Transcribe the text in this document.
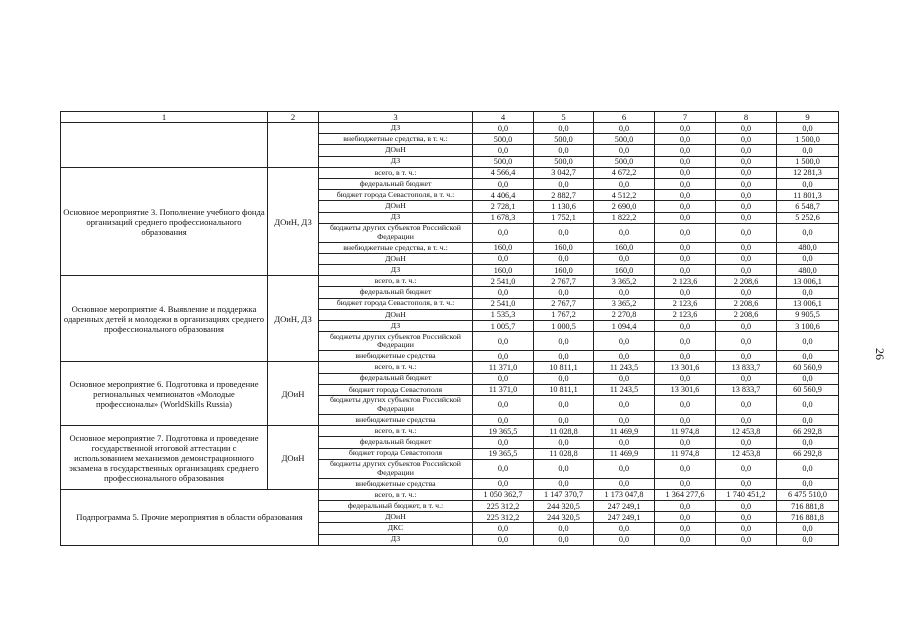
1	2	3	4	5	6	7	8	9
		ДЗ	0,0	0,0	0,0	0,0	0,0	0,0
		внебюджетные средства, в т. ч.:	500,0	500,0	500,0	0,0	0,0	1 500,0
		ДОиН	0,0	0,0	0,0	0,0	0,0	0,0
		ДЗ	500,0	500,0	500,0	0,0	0,0	1 500,0
Основное мероприятие 3. Пополнение учебного фонда организаций среднего профессионального образования	ДОиН, ДЗ	всего, в т. ч.:	4 566,4	3 042,7	4 672,2	0,0	0,0	12 281,3
		федеральный бюджет	0,0	0,0	0,0	0,0	0,0	0,0
		бюджет города Севастополя, в т. ч.:	4 406,4	2 882,7	4 512,2	0,0	0,0	11 801,3
		ДОиН	2 728,1	1 130,6	2 690,0	0,0	0,0	6 548,7
		ДЗ	1 678,3	1 752,1	1 822,2	0,0	0,0	5 252,6
		бюджеты других субъектов Российской Федерации	0,0	0,0	0,0	0,0	0,0	0,0
		внебюджетные средства, в т. ч.:	160,0	160,0	160,0	0,0	0,0	480,0
		ДОиН	0,0	0,0	0,0	0,0	0,0	0,0
		ДЗ	160,0	160,0	160,0	0,0	0,0	480,0
Основное мероприятие 4. Выявление и поддержка одаренных детей и молодежи в организациях среднего профессионального образования	ДОиН, ДЗ	всего, в т. ч.:	2 541,0	2 767,7	3 365,2	2 123,6	2 208,6	13 006,1
		федеральный бюджет	0,0	0,0	0,0	0,0	0,0	0,0
		бюджет города Севастополя, в т. ч.:	2 541,0	2 767,7	3 365,2	2 123,6	2 208,6	13 006,1
		ДОиН	1 535,3	1 767,2	2 270,8	2 123,6	2 208,6	9 905,5
		ДЗ	1 005,7	1 000,5	1 094,4	0,0	0,0	3 100,6
		бюджеты других субъектов Российской Федерации	0,0	0,0	0,0	0,0	0,0	0,0
		внебюджетные средства	0,0	0,0	0,0	0,0	0,0	0,0
Основное мероприятие 6. Подготовка и проведение региональных чемпионатов «Молодые профессионалы» (WorldSkills Russia)	ДОиН	всего, в т. ч.:	11 371,0	10 811,1	11 243,5	13 301,6	13 833,7	60 560,9
		федеральный бюджет	0,0	0,0	0,0	0,0	0,0	0,0
		бюджет города Севастополя	11 371,0	10 811,1	11 243,5	13 301,6	13 833,7	60 560,9
		бюджеты других субъектов Российской Федерации	0,0	0,0	0,0	0,0	0,0	0,0
		внебюджетные средства	0,0	0,0	0,0	0,0	0,0	0,0
Основное мероприятие 7. Подготовка и проведение государственной итоговой аттестации с использованием механизмов демонстрационного экзамена в государственных организациях среднего профессионального образования	ДОиН	всего, в т. ч.:	19 365,5	11 028,8	11 469,9	11 974,8	12 453,8	66 292,8
		федеральный бюджет	0,0	0,0	0,0	0,0	0,0	0,0
		бюджет города Севастополя	19 365,5	11 028,8	11 469,9	11 974,8	12 453,8	66 292,8
		бюджеты других субъектов Российской Федерации	0,0	0,0	0,0	0,0	0,0	0,0
		внебюджетные средства	0,0	0,0	0,0	0,0	0,0	0,0
Подпрограмма 5. Прочие мероприятия в области образования		всего, в т. ч.:	1 050 362,7	1 147 370,7	1 173 047,8	1 364 277,6	1 740 451,2	6 475 510,0
		федеральный бюджет, в т. ч.:	225 312,2	244 320,5	247 249,1	0,0	0,0	716 881,8
		ДОиН	225 312,2	244 320,5	247 249,1	0,0	0,0	716 881,8
		ДКС	0,0	0,0	0,0	0,0	0,0	0,0
		ДЗ	0,0	0,0	0,0	0,0	0,0	0,0
26
